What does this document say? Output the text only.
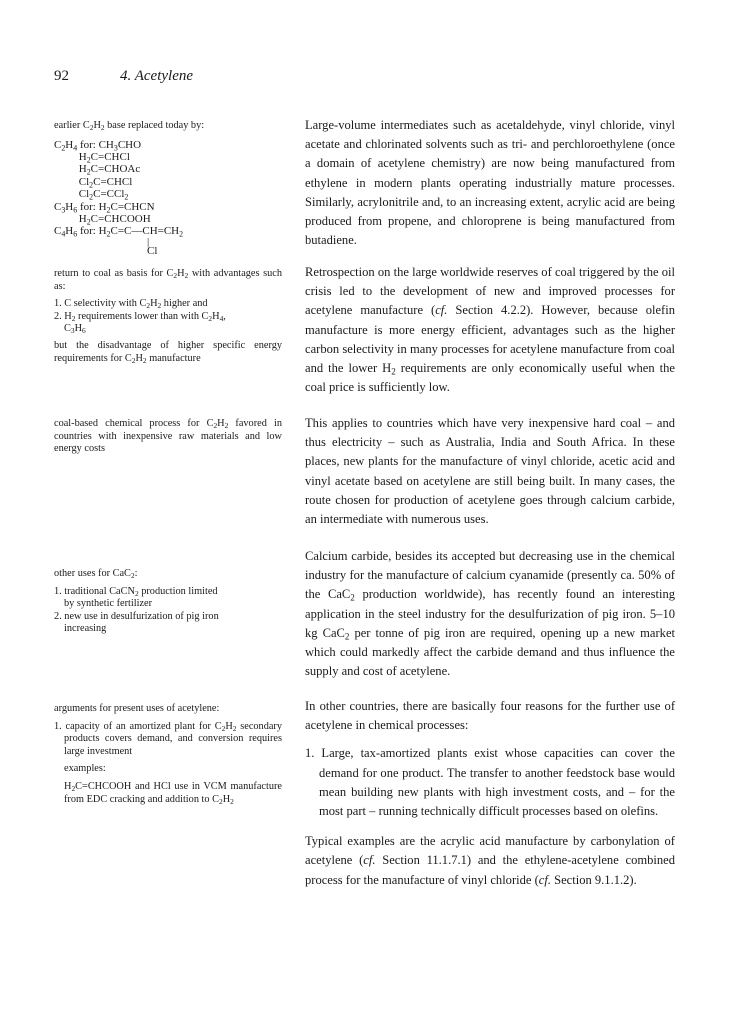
92	4. Acetylene

earlier $C_2H_2$ base replaced today by:

$C_2H_4$ for: $CH_3CHO$
$H_2C=CHCl$
$H_2C=CHOAc$
$Cl_2C=CHCl$
$Cl_2C=CCl_2$
$C_3H_6$ for: $H_2C=CHCN$
$H_2C=CHCOOH$
$C_4H_6$ for: $H_2C=C—CH=CH_2$
|
Cl

return to coal as basis for $C_2H_2$ with advantages such as:

1. C selectivity with $C_2H_2$ higher and
2. $H_2$ requirements lower than with $C_2H_4$,
$C_3H_6$

but the disadvantage of higher specific energy requirements for $C_2H_2$ manufacture

coal-based chemical process for $C_2H_2$ favored in countries with inexpensive raw materials and low energy costs

other uses for CaC$_2$:

1. traditional CaCN$_2$ production limited
by synthetic fertilizer
2. new use in desulfurization of pig iron
increasing

arguments for present uses of acetylene:

1. capacity of an amortized plant for $C_2H_2$ secondary products covers demand, and conversion requires large investment

examples:

$H_2C=CHCOOH$ and HCl use in VCM manufacture from EDC cracking and addition to $C_2H_2$

Large-volume intermediates such as acetaldehyde, vinyl chloride, vinyl acetate and chlorinated solvents such as tri- and perchloroethylene (once a domain of acetylene chemistry) are now being manufactured from ethylene in modern plants operating industrially mature processes. Similarly, acrylonitrile and, to an increasing extent, acrylic acid are being produced from propene, and chloroprene is being manufactured from butadiene.

Retrospection on the large worldwide reserves of coal triggered by the oil crisis led to the development of new and improved processes for acetylene manufacture (cf. Section 4.2.2). However, because olefin manufacture is more energy efficient, advantages such as the higher carbon selectivity in many processes for acetylene manufacture from coal and the lower $H_2$ requirements are only economically useful when the coal price is sufficiently low.

This applies to countries which have very inexpensive hard coal – and thus electricity – such as Australia, India and South Africa. In these places, new plants for the manufacture of vinyl chloride, acetic acid and vinyl acetate based on acetylene are still being built. In many cases, the route chosen for production of acetylene goes through calcium carbide, an intermediate with numerous uses.

Calcium carbide, besides its accepted but decreasing use in the chemical industry for the manufacture of calcium cyanamide (presently ca. 50% of the CaC$_2$ production worldwide), has recently found an interesting application in the steel industry for the desulfurization of pig iron. 5–10 kg CaC$_2$ per tonne of pig iron are required, opening up a new market which could markedly affect the carbide demand and thus influence the supply and cost of acetylene.

In other countries, there are basically four reasons for the further use of acetylene in chemical processes:

1. Large, tax-amortized plants exist whose capacities can cover the demand for one product. The transfer to another feedstock base would mean building new plants with high investment costs, and – for the most part – running technically difficult processes based on olefins.

Typical examples are the acrylic acid manufacture by carbonylation of acetylene (cf. Section 11.1.7.1) and the ethylene-acetylene combined process for the manufacture of vinyl chloride (cf. Section 9.1.1.2).
